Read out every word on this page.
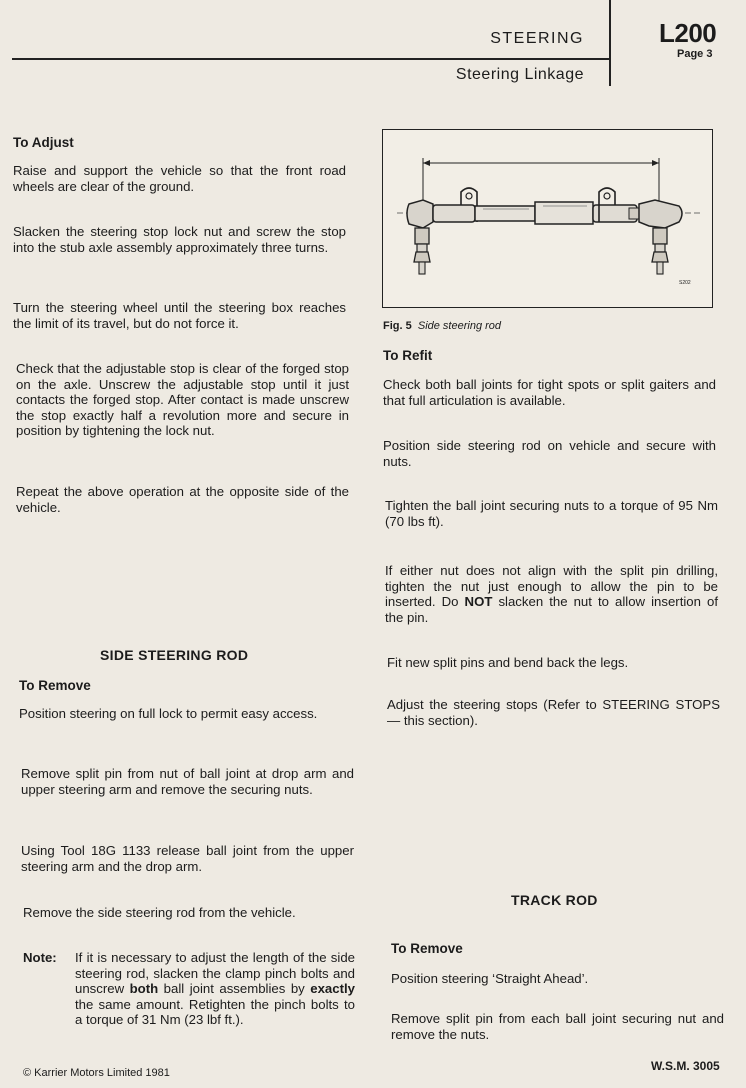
STEERING
Steering Linkage
L200
Page 3
To Adjust
Raise and support the vehicle so that the front road wheels are clear of the ground.
Slacken the steering stop lock nut and screw the stop into the stub axle assembly approximately three turns.
Turn the steering wheel until the steering box reaches the limit of its travel, but do not force it.
Check that the adjustable stop is clear of the forged stop on the axle. Unscrew the adjustable stop until it just contacts the forged stop. After contact is made unscrew the stop exactly half a revolution more and secure in position by tightening the lock nut.
Repeat the above operation at the opposite side of the vehicle.
SIDE STEERING ROD
To Remove
Position steering on full lock to permit easy access.
Remove split pin from nut of ball joint at drop arm and upper steering arm and remove the securing nuts.
Using Tool 18G 1133 release ball joint from the upper steering arm and the drop arm.
Remove the side steering rod from the vehicle.
Note: If it is necessary to adjust the length of the side steering rod, slacken the clamp pinch bolts and unscrew both ball joint assemblies by exactly the same amount. Retighten the pinch bolts to a torque of 31 Nm (23 lbf ft.).
S202
Fig. 5 Side steering rod
To Refit
Check both ball joints for tight spots or split gaiters and that full articulation is available.
Position side steering rod on vehicle and secure with nuts.
Tighten the ball joint securing nuts to a torque of 95 Nm (70 lbs ft).
If either nut does not align with the split pin drilling, tighten the nut just enough to allow the pin to be inserted. Do NOT slacken the nut to allow insertion of the pin.
Fit new split pins and bend back the legs.
Adjust the steering stops (Refer to STEERING STOPS — this section).
TRACK ROD
To Remove
Position steering ‘Straight Ahead’.
Remove split pin from each ball joint securing nut and remove the nuts.
© Karrier Motors Limited 1981	W.S.M. 3005
